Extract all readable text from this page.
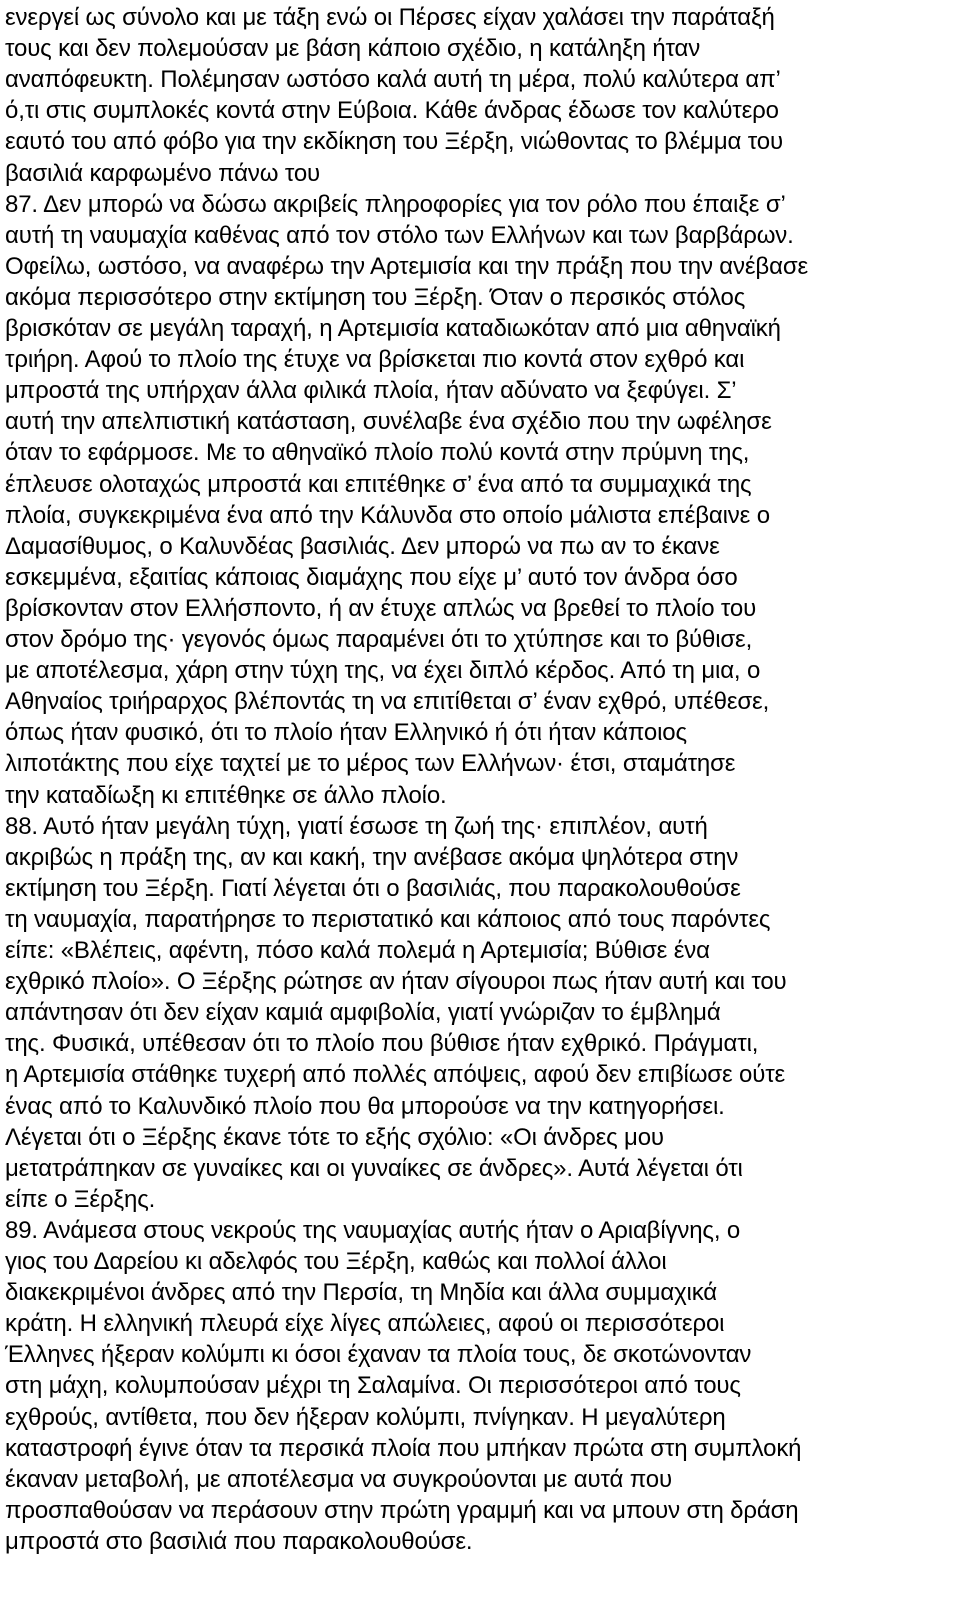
ενεργεί ως σύνολο και με τάξη ενώ οι Πέρσες είχαν χαλάσει την παράταξή
τους και δεν πολεμούσαν με βάση κάποιο σχέδιο, η κατάληξη ήταν
αναπόφευκτη. Πολέμησαν ωστόσο καλά αυτή τη μέρα, πολύ καλύτερα απ’
ό,τι στις συμπλοκές κοντά στην Εύβοια. Κάθε άνδρας έδωσε τον καλύτερο
εαυτό του από φόβο για την εκδίκηση του Ξέρξη, νιώθοντας το βλέμμα του
βασιλιά καρφωμένο πάνω του
87. Δεν μπορώ να δώσω ακριβείς πληροφορίες για τον ρόλο που έπαιξε σ’
αυτή τη ναυμαχία καθένας από τον στόλο των Ελλήνων και των βαρβάρων.
Οφείλω, ωστόσο, να αναφέρω την Αρτεμισία και την πράξη που την ανέβασε
ακόμα περισσότερο στην εκτίμηση του Ξέρξη. Όταν ο περσικός στόλος
βρισκόταν σε μεγάλη ταραχή, η Αρτεμισία καταδιωκόταν από μια αθηναϊκή
τριήρη. Αφού το πλοίο της έτυχε να βρίσκεται πιο κοντά στον εχθρό και
μπροστά της υπήρχαν άλλα φιλικά πλοία, ήταν αδύνατο να ξεφύγει. Σ’
αυτή την απελπιστική κατάσταση, συνέλαβε ένα σχέδιο που την ωφέλησε
όταν το εφάρμοσε. Με το αθηναϊκό πλοίο πολύ κοντά στην πρύμνη της,
έπλευσε ολοταχώς μπροστά και επιτέθηκε σ’ ένα από τα συμμαχικά της
πλοία, συγκεκριμένα ένα από την Κάλυνδα στο οποίο μάλιστα επέβαινε ο
Δαμασίθυμος, ο Καλυνδέας βασιλιάς. Δεν μπορώ να πω αν το έκανε
εσκεμμένα, εξαιτίας κάποιας διαμάχης που είχε μ’ αυτό τον άνδρα όσο
βρίσκονταν στον Ελλήσποντο, ή αν έτυχε απλώς να βρεθεί το πλοίο του
στον δρόμο της· γεγονός όμως παραμένει ότι το χτύπησε και το βύθισε,
με αποτέλεσμα, χάρη στην τύχη της, να έχει διπλό κέρδος. Από τη μια, ο
Αθηναίος τριήραρχος βλέποντάς τη να επιτίθεται σ’ έναν εχθρό, υπέθεσε,
όπως ήταν φυσικό, ότι το πλοίο ήταν Ελληνικό ή ότι ήταν κάποιος
λιποτάκτης που είχε ταχτεί με το μέρος των Ελλήνων· έτσι, σταμάτησε
την καταδίωξη κι επιτέθηκε σε άλλο πλοίο.
88. Αυτό ήταν μεγάλη τύχη, γιατί έσωσε τη ζωή της· επιπλέον, αυτή
ακριβώς η πράξη της, αν και κακή, την ανέβασε ακόμα ψηλότερα στην
εκτίμηση του Ξέρξη. Γιατί λέγεται ότι ο βασιλιάς, που παρακολουθούσε
τη ναυμαχία, παρατήρησε το περιστατικό και κάποιος από τους παρόντες
είπε: «Βλέπεις, αφέντη, πόσο καλά πολεμά η Αρτεμισία; Βύθισε ένα
εχθρικό πλοίο». Ο Ξέρξης ρώτησε αν ήταν σίγουροι πως ήταν αυτή και του
απάντησαν ότι δεν είχαν καμιά αμφιβολία, γιατί γνώριζαν το έμβλημά
της. Φυσικά, υπέθεσαν ότι το πλοίο που βύθισε ήταν εχθρικό. Πράγματι,
η Αρτεμισία στάθηκε τυχερή από πολλές απόψεις, αφού δεν επιβίωσε ούτε
ένας από το Καλυνδικό πλοίο που θα μπορούσε να την κατηγορήσει.
Λέγεται ότι ο Ξέρξης έκανε τότε το εξής σχόλιο: «Οι άνδρες μου
μετατράπηκαν σε γυναίκες και οι γυναίκες σε άνδρες». Αυτά λέγεται ότι
είπε ο Ξέρξης.
89. Ανάμεσα στους νεκρούς της ναυμαχίας αυτής ήταν ο Αριαβίγνης, ο
γιος του Δαρείου κι αδελφός του Ξέρξη, καθώς και πολλοί άλλοι
διακεκριμένοι άνδρες από την Περσία, τη Μηδία και άλλα συμμαχικά
κράτη. Η ελληνική πλευρά είχε λίγες απώλειες, αφού οι περισσότεροι
Έλληνες ήξεραν κολύμπι κι όσοι έχαναν τα πλοία τους, δε σκοτώνονταν
στη μάχη, κολυμπούσαν μέχρι τη Σαλαμίνα. Οι περισσότεροι από τους
εχθρούς, αντίθετα, που δεν ήξεραν κολύμπι, πνίγηκαν. Η μεγαλύτερη
καταστροφή έγινε όταν τα περσικά πλοία που μπήκαν πρώτα στη συμπλοκή
έκαναν μεταβολή, με αποτέλεσμα να συγκρούονται με αυτά που
προσπαθούσαν να περάσουν στην πρώτη γραμμή και να μπουν στη δράση
μπροστά στο βασιλιά που παρακολουθούσε.
